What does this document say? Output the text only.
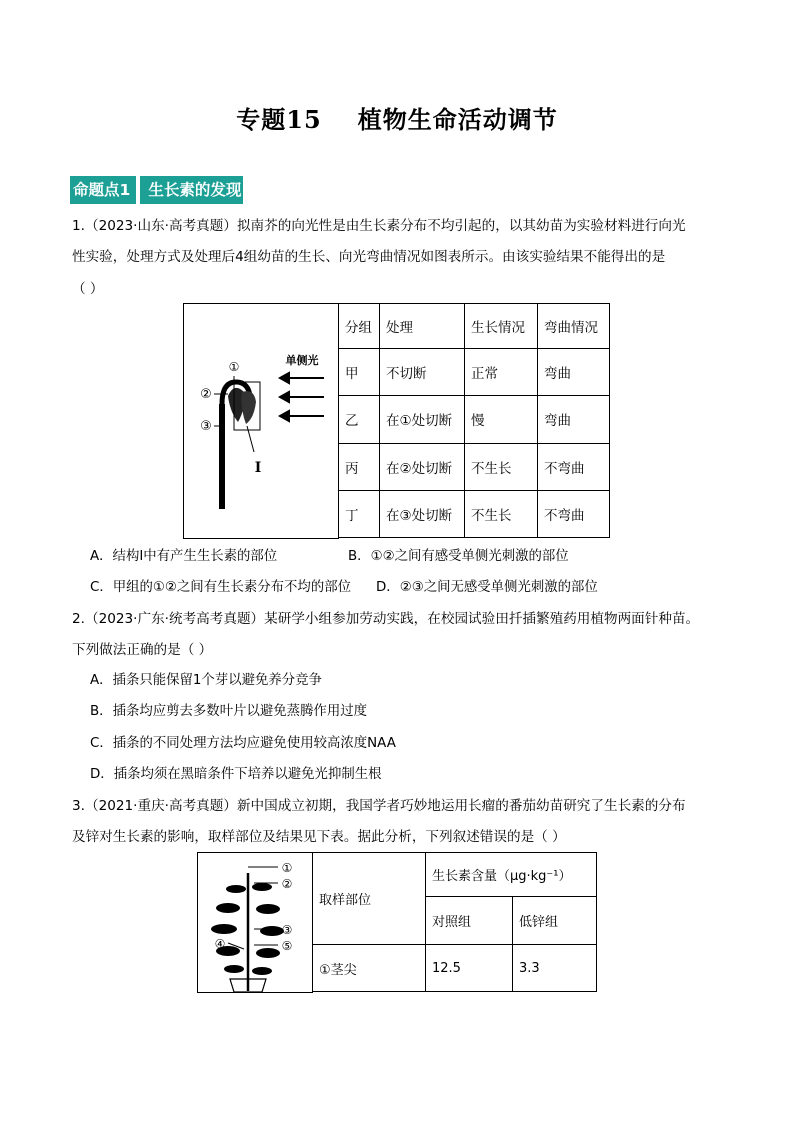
专题15 植物生命活动调节
命题点1 生长素的发现
1.（2023·山东·高考真题）拟南芥的向光性是由生长素分布不均引起的，以其幼苗为实验材料进行向光
性实验，处理方式及处理后4组幼苗的生长、向光弯曲情况如图表所示。由该实验结果不能得出的是
（ ）
①
②
③
Ⅰ
单侧光
分组	处理	生长情况	弯曲情况
甲	不切断	正常	弯曲
乙	在①处切断	慢	弯曲
丙	在②处切断	不生长	不弯曲
丁	在③处切断	不生长	不弯曲
A．结构Ⅰ中有产生生长素的部位	B．①②之间有感受单侧光刺激的部位
C．甲组的①②之间有生长素分布不均的部位 D．②③之间无感受单侧光刺激的部位
2.（2023·广东·统考高考真题）某研学小组参加劳动实践，在校园试验田扦插繁殖药用植物两面针种苗。
下列做法正确的是（ ）
A．插条只能保留1个芽以避免养分竞争
B．插条均应剪去多数叶片以避免蒸腾作用过度
C．插条的不同处理方法均应避免使用较高浓度NAA
D．插条均须在黑暗条件下培养以避免光抑制生根
3.（2021·重庆·高考真题）新中国成立初期，我国学者巧妙地运用长瘤的番茄幼苗研究了生长素的分布
及锌对生长素的影响，取样部位及结果见下表。据此分析，下列叙述错误的是（ ）
①
②
③
⑤
④
取样部位	生长素含量（μg·kg⁻¹）	
	对照组	低锌组
①茎尖	12.5	3.3
